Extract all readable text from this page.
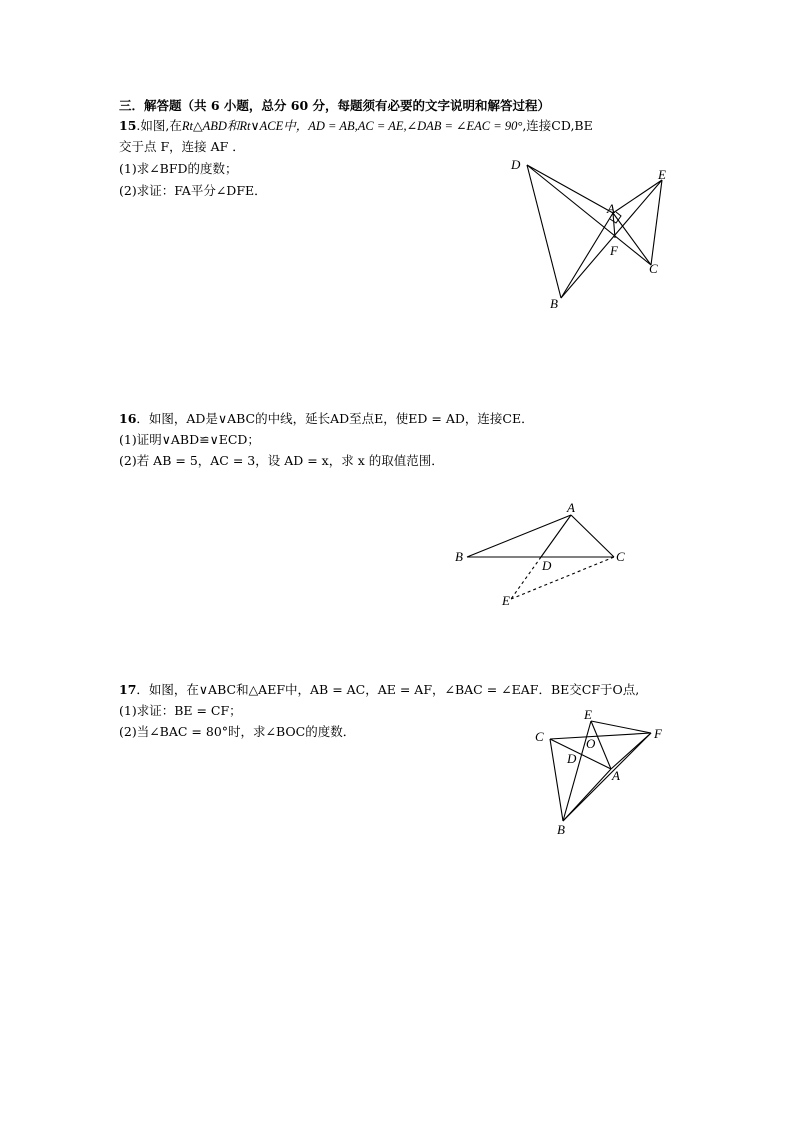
三．解答题（共 6 小题，总分 60 分，每题须有必要的文字说明和解答过程）
15.如图,在Rt△ABD和Rt∨ACE中，AD = AB,AC = AE,∠DAB = ∠EAC = 90°,连接CD,BE
交于点 F，连接 AF ．
(1)求∠BFD的度数；
(2)求证：FA平分∠DFE．
D
E
A
F
C
B
16．如图，AD是∨ABC的中线，延长AD至点E，使ED = AD，连接CE．
(1)证明∨ABD≌∨ECD；
(2)若 AB = 5，AC = 3，设 AD = x，求 x 的取值范围．
A
B	C
D
E
17．如图，在∨ABC和△AEF中，AB = AC，AE = AF，∠BAC = ∠EAF．BE交CF于O点,
(1)求证：BE = CF；
(2)当∠BAC = 80°时，求∠BOC的度数．
E
C	F
O
D
A
B
